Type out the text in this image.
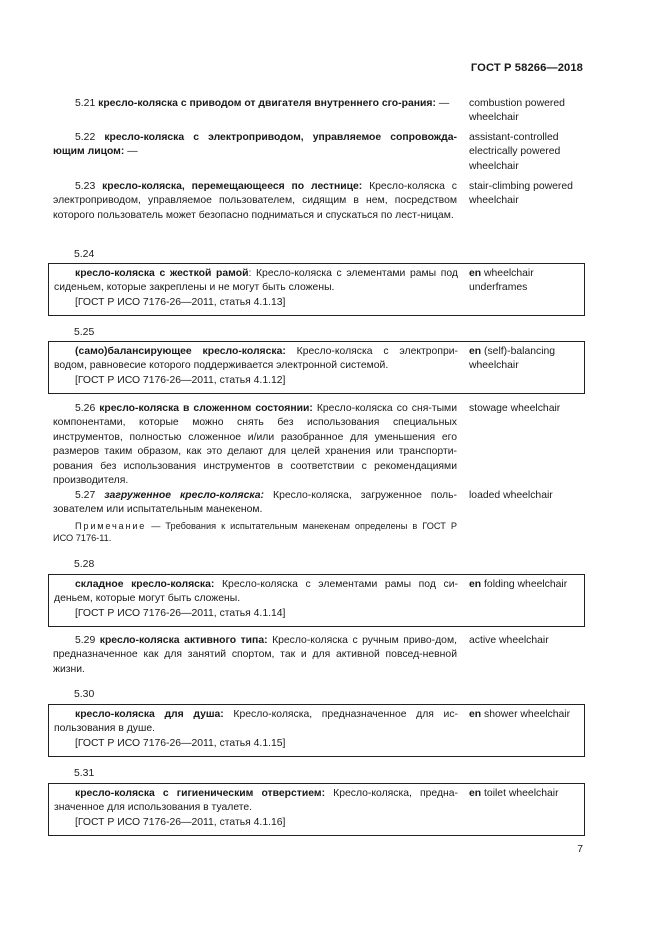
ГОСТ Р 58266—2018

5.21 кресло-коляска с приводом от двигателя внутреннего сго-рания: —	combustion powered wheelchair

5.22 кресло-коляска с электроприводом, управляемое сопровожда-ющим лицом: —

assistant-controlled electrically powered wheelchair

5.23 кресло-коляска, перемещающееся по лестнице: Кресло-коляска с электроприводом, управляемое пользователем, сидящим в нем, посредством которого пользователь может безопасно подниматься и спускаться по лест-ницам.

stair-climbing powered wheelchair
5.24

кресло-коляска с жесткой рамой: Кресло-коляска с элементами рамы под сиденьем, которые закреплены и не могут быть сложены.

[ГОСТ Р ИСО 7176-26—2011, статья 4.1.13]

en wheelchair underframes
5.25

(само)балансирующее кресло-коляска: Кресло-коляска с электропри-водом, равновесие которого поддерживается электронной системой.

[ГОСТ Р ИСО 7176-26—2011, статья 4.1.12]

en (self)-balancing wheelchair

5.26 кресло-коляска в сложенном состоянии: Кресло-коляска со сня-тыми компонентами, которые можно снять без использования специальных инструментов, полностью сложенное и/или разобранное для уменьшения его размеров таким образом, как это делают для целей хранения или транспорти-рования без использования инструментов в соответствии с рекомендациями производителя.

stowage wheelchair

5.27 загруженное кресло-коляска: Кресло-коляска, загруженное поль-зователем или испытательным манекеном.

loaded wheelchair
Примечание — Требования к испытательным манекенам определены в ГОСТ Р ИСО 7176-11.
5.28

складное кресло-коляска: Кресло-коляска с элементами рамы под си-деньем, которые могут быть сложены.

[ГОСТ Р ИСО 7176-26—2011, статья 4.1.14]

en folding wheelchair

5.29 кресло-коляска активного типа: Кресло-коляска с ручным приво-дом, предназначенное как для занятий спортом, так и для активной повсед-невной жизни.

active wheelchair
5.30

кресло-коляска для душа: Кресло-коляска, предназначенное для ис-пользования в душе.

[ГОСТ Р ИСО 7176-26—2011, статья 4.1.15]

en shower wheelchair
5.31

кресло-коляска с гигиеническим отверстием: Кресло-коляска, предна-значенное для использования в туалете.

[ГОСТ Р ИСО 7176-26—2011, статья 4.1.16]

en toilet wheelchair
7
